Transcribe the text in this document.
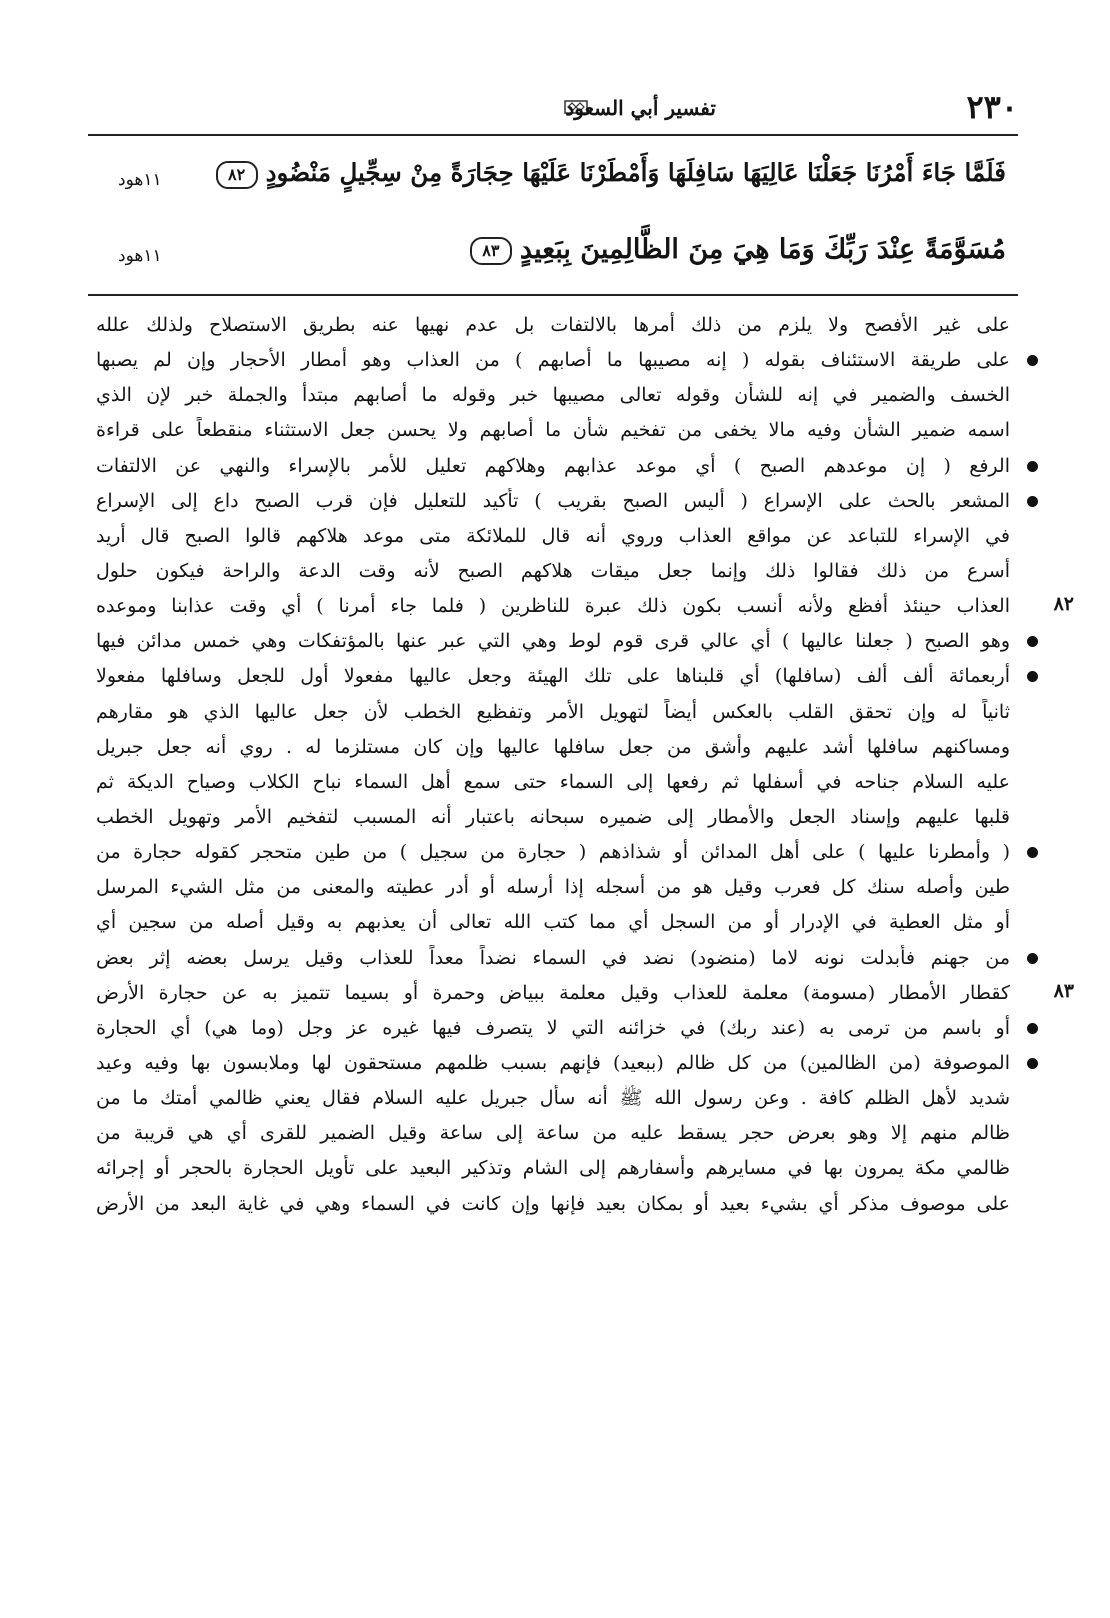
٢٣٠
تفسير أبي السعود
فَلَمَّا جَاءَ أَمْرُنَا جَعَلْنَا عَالِيَهَا سَافِلَهَا وَأَمْطَرْنَا عَلَيْهَا حِجَارَةً مِنْ سِجِّيلٍ مَنْضُودٍ٨٢
١١هود
مُسَوَّمَةً عِنْدَ رَبِّكَ وَمَا هِيَ مِنَ الظَّالِمِينَ بِبَعِيدٍ٨٣
١١هود
على غير الأفصح ولا يلزم من ذلك أمرها بالالتفات بل عدم نهيها عنه بطريق الاستصلاح ولذلك علله
على طريقة الاستئناف بقوله ( إنه مصيبها ما أصابهم ) من العذاب وهو أمطار الأحجار وإن لم يصبها
الخسف والضمير في إنه للشأن وقوله تعالى مصيبها خبر وقوله ما أصابهم مبتدأ والجملة خبر لإن الذي
اسمه ضمير الشأن وفيه مالا يخفى من تفخيم شأن ما أصابهم ولا يحسن جعل الاستثناء منقطعاً على قراءة
الرفع ( إن موعدهم الصبح ) أي موعد عذابهم وهلاكهم تعليل للأمر بالإسراء والنهي عن الالتفات
المشعر بالحث على الإسراع ( أليس الصبح بقريب ) تأكيد للتعليل فإن قرب الصبح داع إلى الإسراع
في الإسراء للتباعد عن مواقع العذاب وروي أنه قال للملائكة متى موعد هلاكهم قالوا الصبح قال أريد
أسرع من ذلك فقالوا ذلك وإنما جعل ميقات هلاكهم الصبح لأنه وقت الدعة والراحة فيكون حلول
٨٢
العذاب حينئذ أفظع ولأنه أنسب بكون ذلك عبرة للناظرين ( فلما جاء أمرنا ) أي وقت عذابنا وموعده
وهو الصبح ( جعلنا عاليها ) أي عالي قرى قوم لوط وهي التي عبر عنها بالمؤتفكات وهي خمس مدائن فيها
أربعمائة ألف ألف (سافلها) أي قلبناها على تلك الهيئة وجعل عاليها مفعولا أول للجعل وسافلها مفعولا
ثانياً له وإن تحقق القلب بالعكس أيضاً لتهويل الأمر وتفظيع الخطب لأن جعل عاليها الذي هو مقارهم
ومساكنهم سافلها أشد عليهم وأشق من جعل سافلها عاليها وإن كان مستلزما له . روي أنه جعل جبريل
عليه السلام جناحه في أسفلها ثم رفعها إلى السماء حتى سمع أهل السماء نباح الكلاب وصياح الديكة ثم
قلبها عليهم وإسناد الجعل والأمطار إلى ضميره سبحانه باعتبار أنه المسبب لتفخيم الأمر وتهويل الخطب
( وأمطرنا عليها ) على أهل المدائن أو شذاذهم ( حجارة من سجيل ) من طين متحجر كقوله حجارة من
طين وأصله سنك كل فعرب وقيل هو من أسجله إذا أرسله أو أدر عطيته والمعنى من مثل الشيء المرسل
أو مثل العطية في الإدرار أو من السجل أي مما كتب الله تعالى أن يعذبهم به وقيل أصله من سجين أي
من جهنم فأبدلت نونه لاما (منضود) نضد في السماء نضداً معداً للعذاب وقيل يرسل بعضه إثر بعض
٨٣
كقطار الأمطار (مسومة) معلمة للعذاب وقيل معلمة ببياض وحمرة أو بسيما تتميز به عن حجارة الأرض
أو باسم من ترمى به (عند ربك) في خزائنه التي لا يتصرف فيها غيره عز وجل (وما هي) أي الحجارة
الموصوفة (من الظالمين) من كل ظالم (ببعيد) فإنهم بسبب ظلمهم مستحقون لها وملابسون بها وفيه وعيد
شديد لأهل الظلم كافة . وعن رسول الله ﷺ أنه سأل جبريل عليه السلام فقال يعني ظالمي أمتك ما من
ظالم منهم إلا وهو بعرض حجر يسقط عليه من ساعة إلى ساعة وقيل الضمير للقرى أي هي قريبة من
ظالمي مكة يمرون بها في مسايرهم وأسفارهم إلى الشام وتذكير البعيد على تأويل الحجارة بالحجر أو إجرائه
على موصوف مذكر أي بشيء بعيد أو بمكان بعيد فإنها وإن كانت في السماء وهي في غاية البعد من الأرض
